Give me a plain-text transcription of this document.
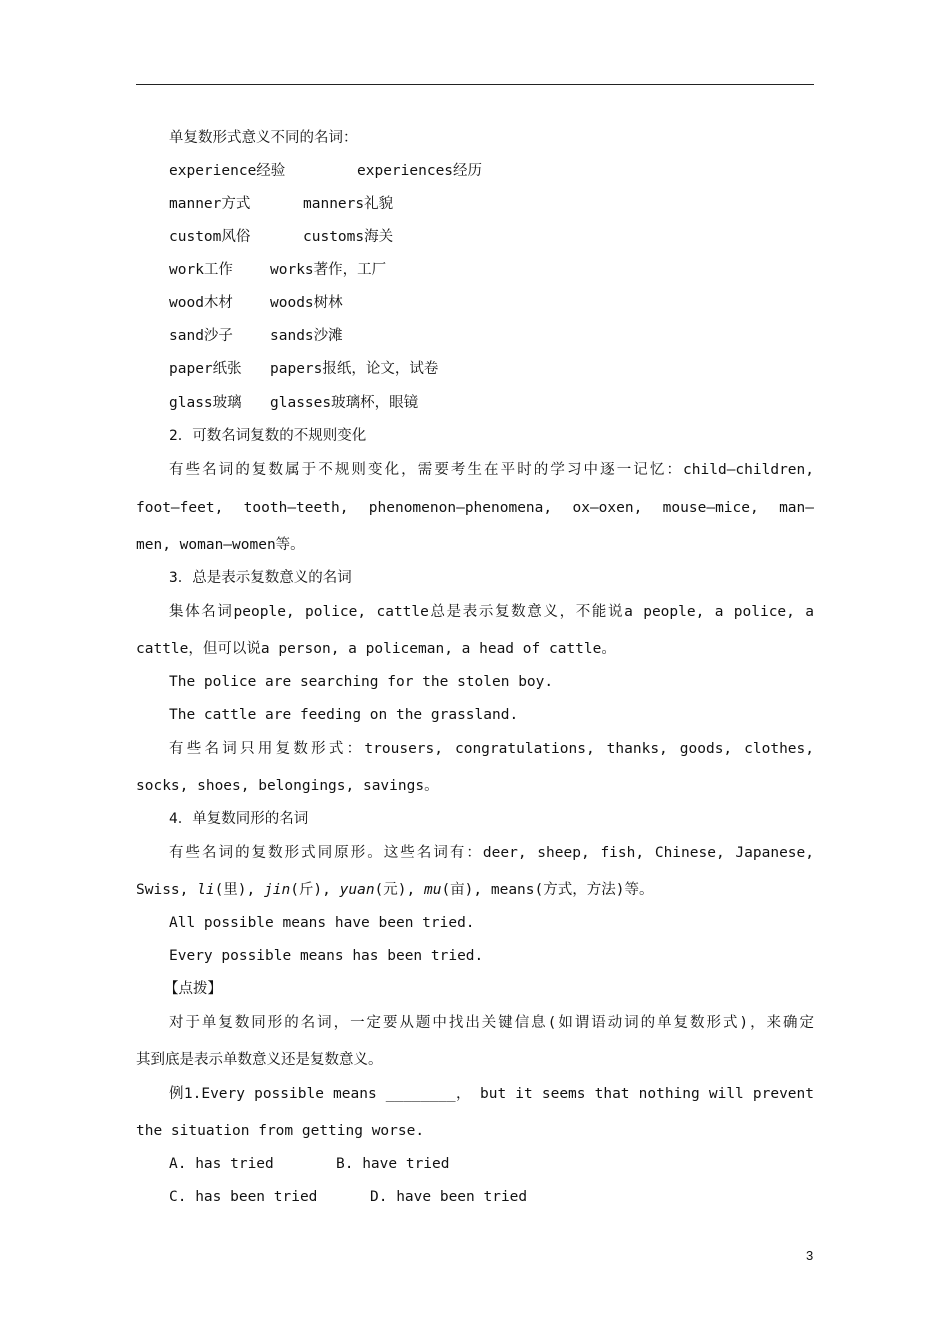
单复数形式意义不同的名词：
experience经验	experiences经历
manner方式	manners礼貌
custom风俗	customs海关
work工作	works著作，工厂
wood木材	woods树林
sand沙子	sands沙滩
paper纸张 papers报纸，论文，试卷
glass玻璃 glasses玻璃杯，眼镜
2．可数名词复数的不规则变化
有些名词的复数属于不规则变化，需要考生在平时的学习中逐一记忆：child—children,
foot—feet, tooth—teeth, phenomenon—phenomena, ox—oxen, mouse—mice, man—
men, woman—women等。
3．总是表示复数意义的名词
集体名词people, police, cattle总是表示复数意义，不能说a people, a police, a
cattle，但可以说a person, a policeman, a head of cattle。
The police are searching for the stolen boy.
The cattle are feeding on the grassland.
有些名词只用复数形式：trousers, congratulations, thanks, goods, clothes,
socks, shoes, belongings, savings。
4．单复数同形的名词
有些名词的复数形式同原形。这些名词有：deer, sheep, fish, Chinese, Japanese,
Swiss, li(里), jin(斤), yuan(元), mu(亩), means(方式，方法)等。
All possible means have been tried.
Every possible means has been tried.
【点拨】
对于单复数同形的名词，一定要从题中找出关键信息(如谓语动词的单复数形式)，来确定
其到底是表示单数意义还是复数意义。
例1.Every possible means ________， but it seems that nothing will prevent
the situation from getting worse.
A. has tried	B. have tried
C. has been tried	D. have been tried
3
